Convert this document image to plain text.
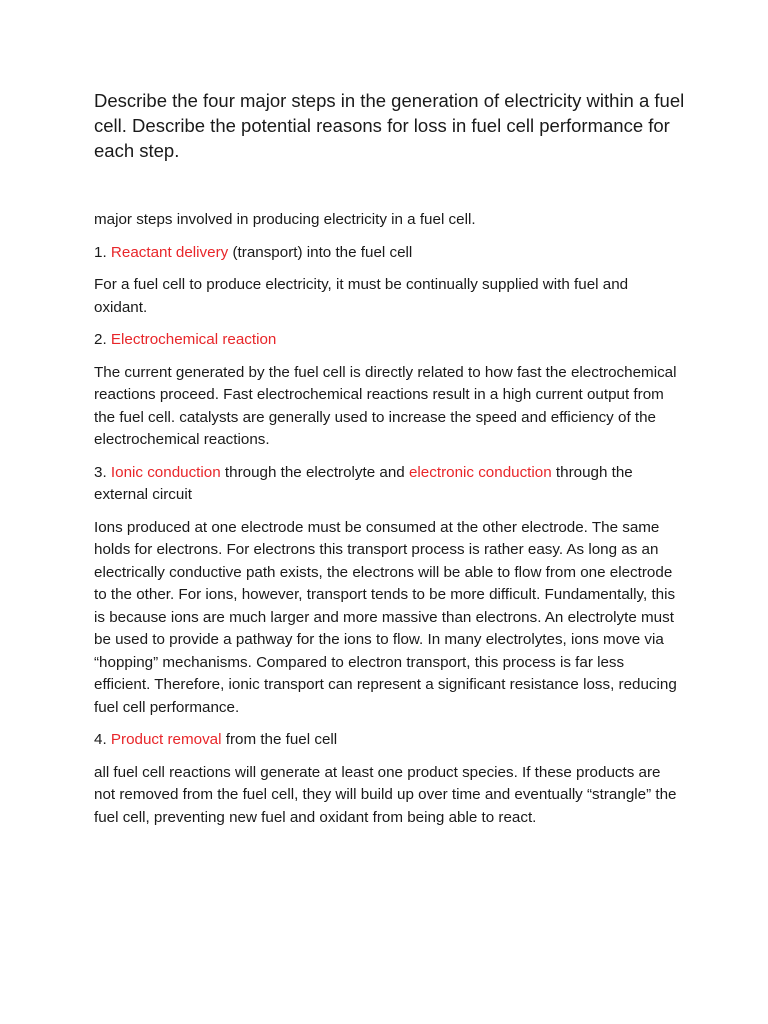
Describe the four major steps in the generation of electricity within a fuel cell. Describe the potential reasons for loss in fuel cell performance for each step.

major steps involved in producing electricity in a fuel cell.

1. Reactant delivery (transport) into the fuel cell

For a fuel cell to produce electricity, it must be continually supplied with fuel and oxidant.

2. Electrochemical reaction

The current generated by the fuel cell is directly related to how fast the electrochemical reactions proceed. Fast electrochemical reactions result in a high current output from the fuel cell. catalysts are generally used to increase the speed and efficiency of the electrochemical reactions.

3. Ionic conduction through the electrolyte and electronic conduction through the external circuit

Ions produced at one electrode must be consumed at the other electrode. The same holds for electrons. For electrons this transport process is rather easy. As long as an electrically conductive path exists, the electrons will be able to flow from one electrode to the other. For ions, however, transport tends to be more difficult. Fundamentally, this is because ions are much larger and more massive than electrons. An electrolyte must be used to provide a pathway for the ions to flow. In many electrolytes, ions move via “hopping” mechanisms. Compared to electron transport, this process is far less efficient. Therefore, ionic transport can represent a significant resistance loss, reducing fuel cell performance.

4. Product removal from the fuel cell

all fuel cell reactions will generate at least one product species. If these products are not removed from the fuel cell, they will build up over time and eventually “strangle” the fuel cell, preventing new fuel and oxidant from being able to react.
